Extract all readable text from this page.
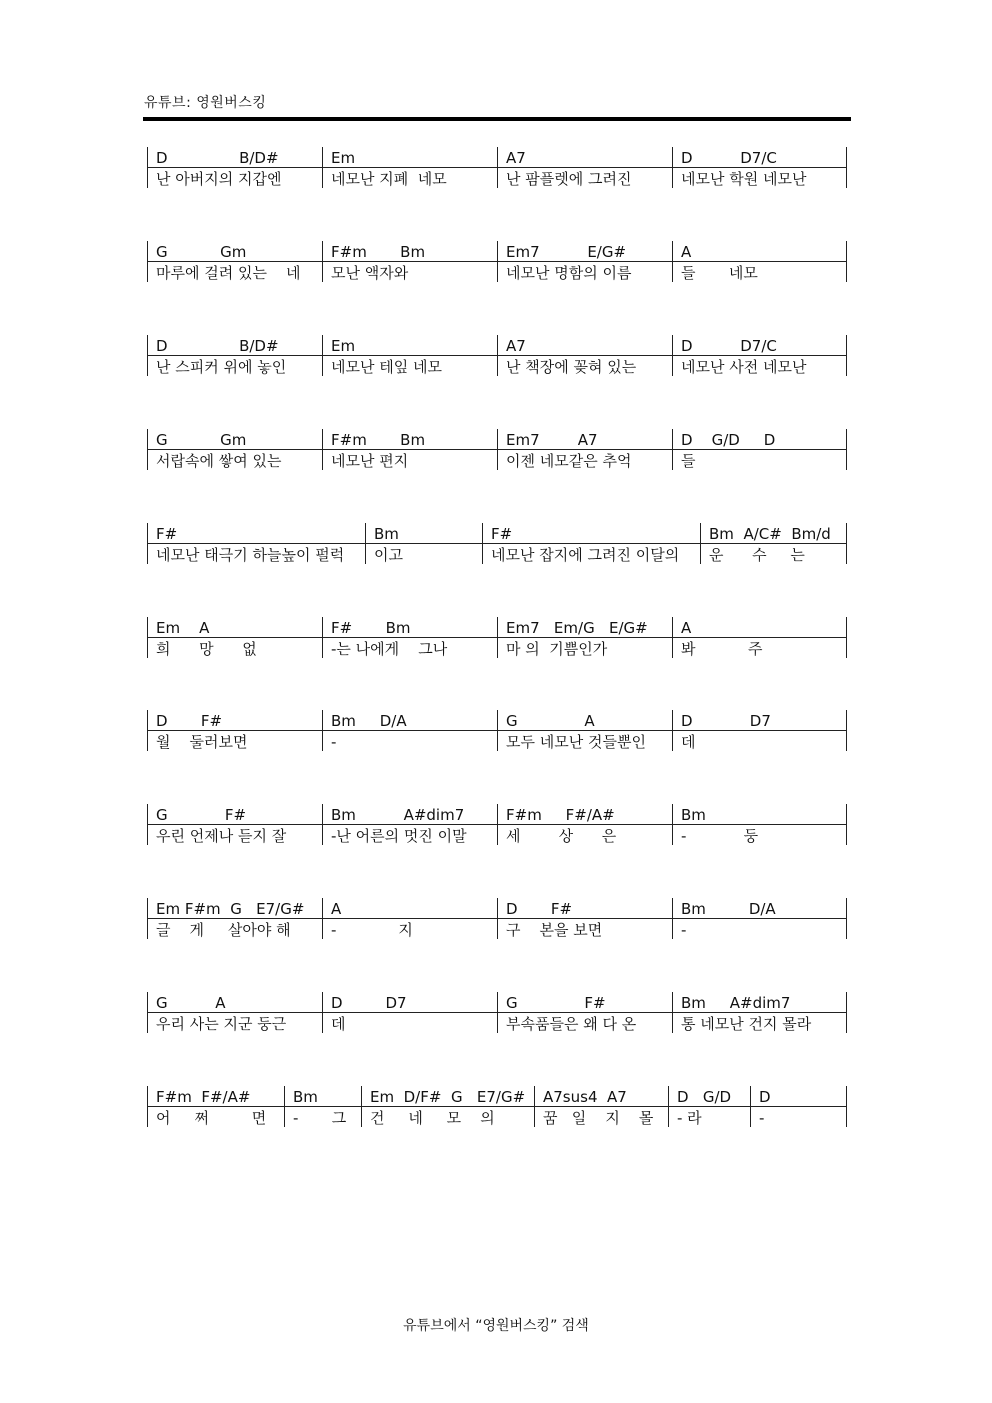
유튜브: 영원버스킹
D               B/D#
난 아버지의 지갑엔
Em
네모난 지폐  네모
A7
난 팜플렛에 그려진
D          D7/C
네모난 학원 네모난
G           Gm
마루에 걸려 있는    네
F#m       Bm
모난 액자와
Em7          E/G#
네모난 명함의 이름
A
들       네모
D               B/D#
난 스피커 위에 놓인
Em
네모난 테잎 네모
A7
난 책장에 꽂혀 있는
D          D7/C
네모난 사전 네모난
G           Gm
서랍속에 쌓여 있는
F#m       Bm
네모난 편지
Em7        A7
이젠 네모같은 추억
D    G/D     D
들
F#
네모난 태극기 하늘높이 펄럭
Bm
이고
F#
네모난 잡지에 그려진 이달의
Bm  A/C#  Bm/d
운      수     는
Em    A
희      망      없
F#       Bm
-는 나에게    그나
Em7   Em/G   E/G#
마 의  기쁨인가
A
봐           주
D       F#
월    둘러보면
Bm     D/A
-
G              A
모두 네모난 것들뿐인
D            D7
데
G            F#
우린 언제나 듣지 잘
Bm          A#dim7
-난 어른의 멋진 이말
F#m     F#/A#
세        상      은
Bm
-            둥
Em F#m  G   E7/G#
글    게     살아야 해
A
-             지
D       F#
구    본을 보면
Bm         D/A
-
G          A
우리 사는 지군 둥근
D         D7
데
G              F#
부속품들은 왜 다 온
Bm     A#dim7
통 네모난 건지 몰라
F#m  F#/A#
어     쩌         면
Bm
-       그
Em  D/F#  G   E7/G#
건     네     모    의
A7sus4  A7
꿈   일    지    몰
D   G/D
- 라
D
-
유튜브에서 “영원버스킹” 검색
